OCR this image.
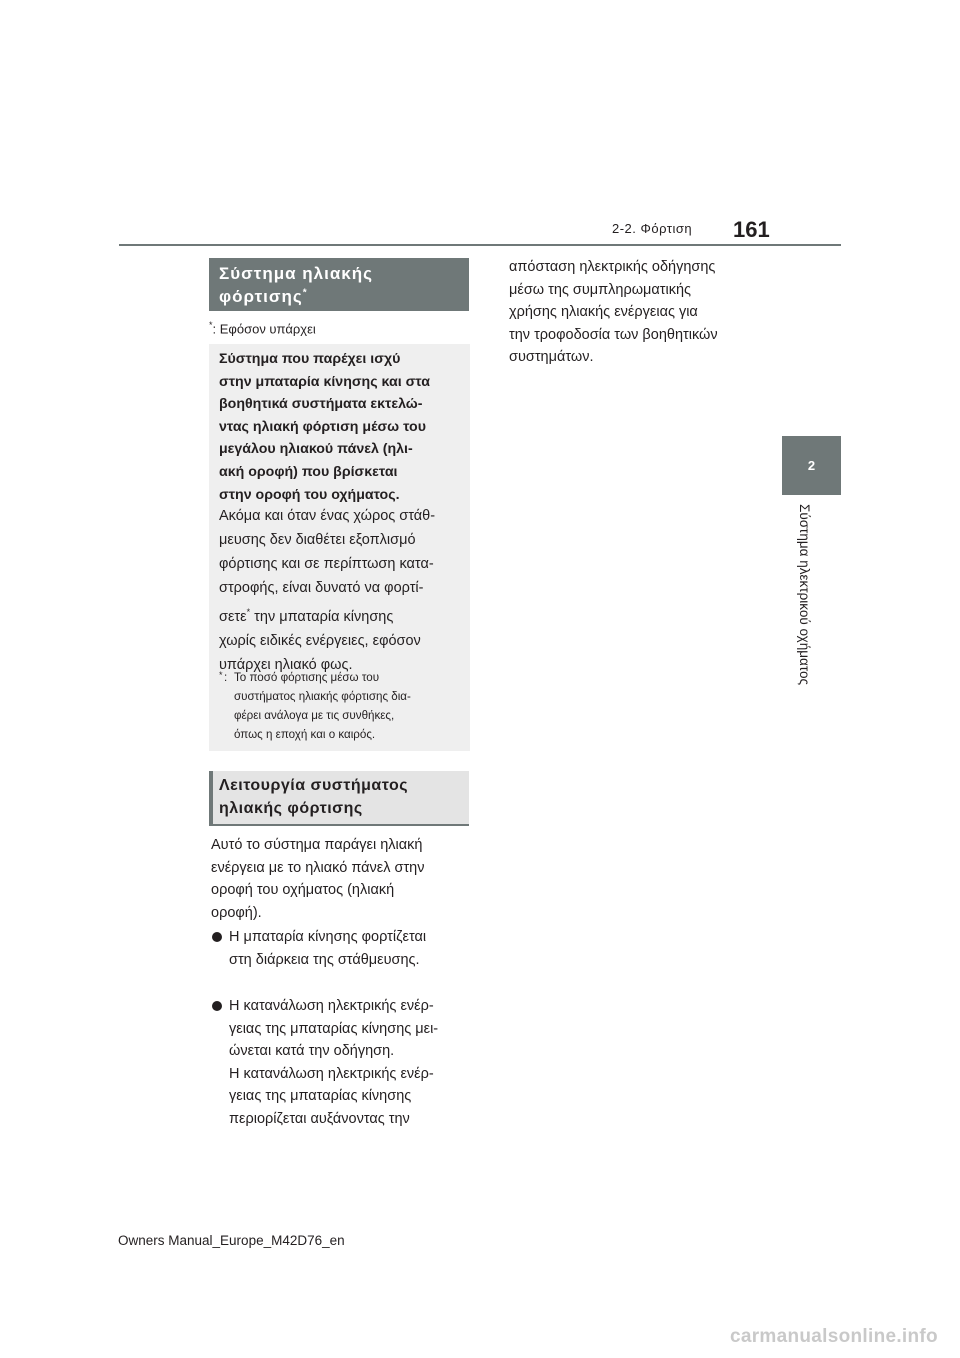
2-2. Φόρτιση 161
2
Σύστημα ηλεκτρικού οχήματος
Σύστημα ηλιακής
φόρτισης*
*: Εφόσον υπάρχει
Σύστημα που παρέχει ισχύ
στην μπαταρία κίνησης και στα
βοηθητικά συστήματα εκτελώ-
ντας ηλιακή φόρτιση μέσω του
μεγάλου ηλιακού πάνελ (ηλι-
ακή οροφή) που βρίσκεται
στην οροφή του οχήματος.
Ακόμα και όταν ένας χώρος στάθ-
μευσης δεν διαθέτει εξοπλισμό
φόρτισης και σε περίπτωση κατα-
στροφής, είναι δυνατό να φορτί-
σετε* την μπαταρία κίνησης
χωρίς ειδικές ενέργειες, εφόσον
υπάρχει ηλιακό φως.
* : Το ποσό φόρτισης μέσω του
συστήματος ηλιακής φόρτισης δια-
φέρει ανάλογα με τις συνθήκες,
όπως η εποχή και ο καιρός.
Λειτουργία συστήματος
ηλιακής φόρτισης
Αυτό το σύστημα παράγει ηλιακή
ενέργεια με το ηλιακό πάνελ στην
οροφή του οχήματος (ηλιακή
οροφή).
Η μπαταρία κίνησης φορτίζεται
στη διάρκεια της στάθμευσης.
Η κατανάλωση ηλεκτρικής ενέρ-
γειας της μπαταρίας κίνησης μει-
ώνεται κατά την οδήγηση.
Η κατανάλωση ηλεκτρικής ενέρ-
γειας της μπαταρίας κίνησης
περιορίζεται αυξάνοντας την
απόσταση ηλεκτρικής οδήγησης
μέσω της συμπληρωματικής
χρήσης ηλιακής ενέργειας για
την τροφοδοσία των βοηθητικών
συστημάτων.
Owners Manual_Europe_M42D76_en
carmanualsonline.info
